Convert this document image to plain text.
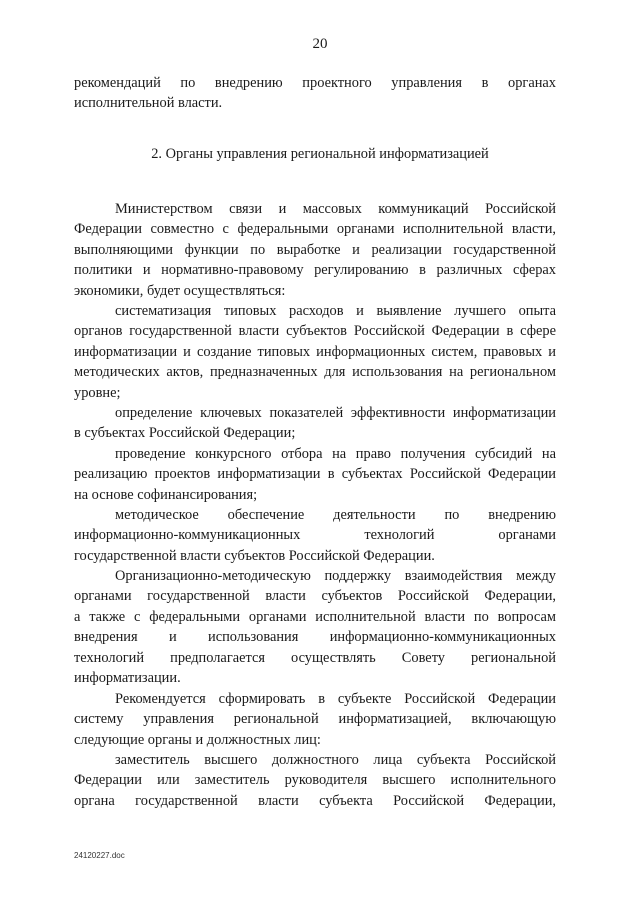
20
рекомендаций по внедрению проектного управления в органах
исполнительной власти.
2. Органы управления региональной информатизацией
Министерством связи и массовых коммуникаций Российской
Федерации совместно с федеральными органами исполнительной власти,
выполняющими функции по выработке и реализации государственной
политики и нормативно-правовому регулированию в различных сферах
экономики, будет осуществляться:
систематизация типовых расходов и выявление лучшего опыта
органов государственной власти субъектов Российской Федерации в сфере
информатизации и создание типовых информационных систем, правовых и
методических актов, предназначенных для использования на региональном
уровне;
определение ключевых показателей эффективности информатизации
в субъектах Российской Федерации;
проведение конкурсного отбора на право получения субсидий на
реализацию проектов информатизации в субъектах Российской Федерации
на основе софинансирования;
методическое обеспечение деятельности по внедрению
информационно-коммуникационных технологий органами
государственной власти субъектов Российской Федерации.
Организационно-методическую поддержку взаимодействия между
органами государственной власти субъектов Российской Федерации,
а также с федеральными органами исполнительной власти по вопросам
внедрения и использования информационно-коммуникационных
технологий предполагается осуществлять Совету региональной
информатизации.
Рекомендуется сформировать в субъекте Российской Федерации
систему управления региональной информатизацией, включающую
следующие органы и должностных лиц:
заместитель высшего должностного лица субъекта Российской
Федерации или заместитель руководителя высшего исполнительного
органа государственной власти субъекта Российской Федерации,
24120227.doc
